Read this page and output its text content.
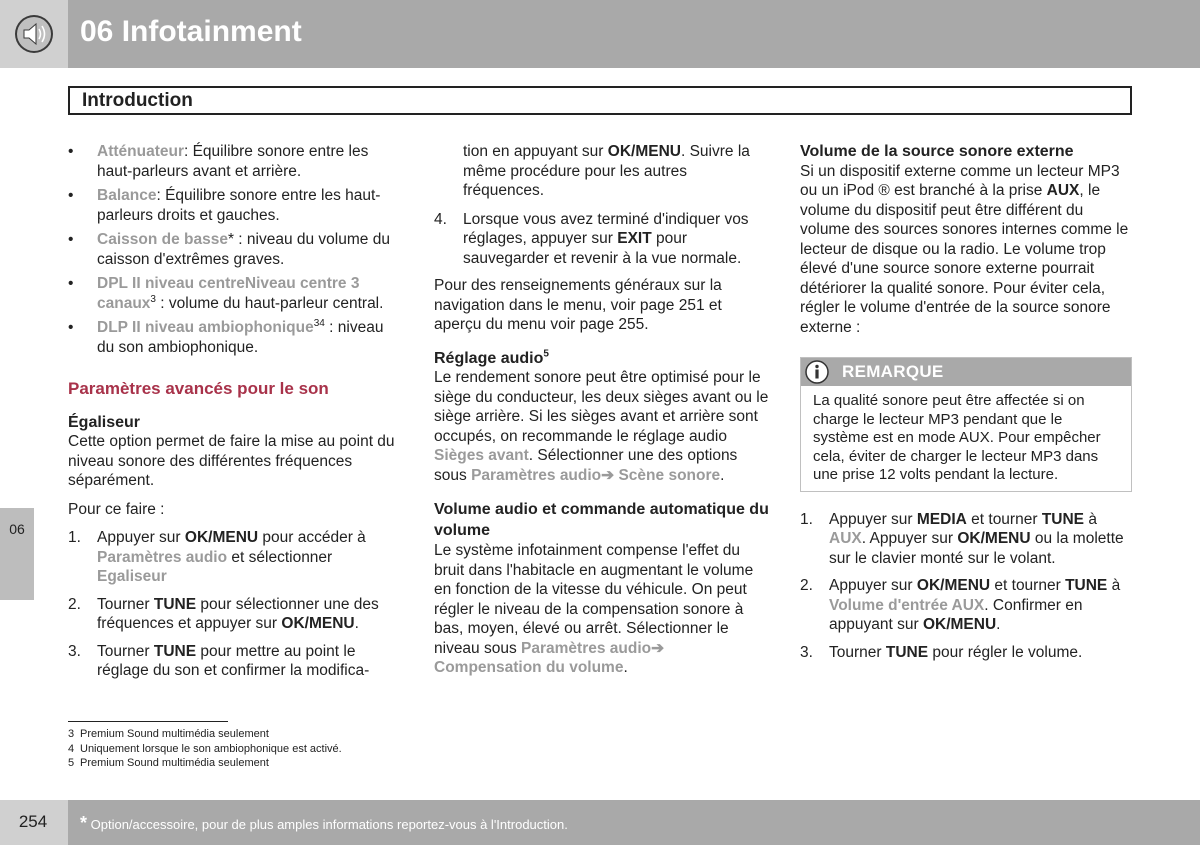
06 Infotainment
Introduction
06
• Atténuateur: Équilibre sonore entre les haut-parleurs avant et arrière.
• Balance: Équilibre sonore entre les haut-parleurs droits et gauches.
• Caisson de basse* : niveau du volume du caisson d'extrêmes graves.
• DPL II niveau centreNiveau centre 3 canaux$^3$ : volume du haut-parleur central.
• DLP II niveau ambiophonique$^{34}$ : niveau du son ambiophonique.
Paramètres avancés pour le son
Égaliseur

Cette option permet de faire la mise au point du niveau sonore des différentes fréquences séparément.

Pour ce faire :

1. Appuyer sur OK/MENU pour accéder à Paramètres audio et sélectionner Egaliseur
2. Tourner TUNE pour sélectionner une des fréquences et appuyer sur OK/MENU.
3. Tourner TUNE pour mettre au point le réglage du son et confirmer la modifica-

tion en appuyant sur OK/MENU. Suivre la même procédure pour les autres fréquences.

4. Lorsque vous avez terminé d'indiquer vos réglages, appuyer sur EXIT pour sauvegarder et revenir à la vue normale.

Pour des renseignements généraux sur la navigation dans le menu, voir page 251 et aperçu du menu voir page 255.

Réglage audio$^5$

Le rendement sonore peut être optimisé pour le siège du conducteur, les deux sièges avant ou le siège arrière. Si les sièges avant et arrière sont occupés, on recommande le réglage audio Sièges avant. Sélectionner une des options sous Paramètres audio➔ Scène sonore.

Volume audio et commande automatique du volume

Le système infotainment compense l'effet du bruit dans l'habitacle en augmentant le volume en fonction de la vitesse du véhicule. On peut régler le niveau de la compensation sonore à bas, moyen, élevé ou arrêt. Sélectionner le niveau sous Paramètres audio➔ Compensation du volume.

Volume de la source sonore externe

Si un dispositif externe comme un lecteur MP3 ou un iPod ® est branché à la prise AUX, le volume du dispositif peut être différent du volume des sources sonores internes comme le lecteur de disque ou la radio. Le volume trop élevé d'une source sonore externe pourrait détériorer la qualité sonore. Pour éviter cela, régler le volume d'entrée de la source sonore externe :

REMARQUE
La qualité sonore peut être affectée si on charge le lecteur MP3 pendant que le système est en mode AUX. Pour empêcher cela, éviter de charger le lecteur MP3 dans une prise 12 volts pendant la lecture.
1. Appuyer sur MEDIA et tourner TUNE à AUX. Appuyer sur OK/MENU ou la molette sur le clavier monté sur le volant.
2. Appuyer sur OK/MENU et tourner TUNE à Volume d'entrée AUX. Confirmer en appuyant sur OK/MENU.
3. Tourner TUNE pour régler le volume.
3 Premium Sound multimédia seulement
4 Uniquement lorsque le son ambiophonique est activé.
5 Premium Sound multimédia seulement
254	* Option/accessoire, pour de plus amples informations reportez-vous à l'Introduction.
